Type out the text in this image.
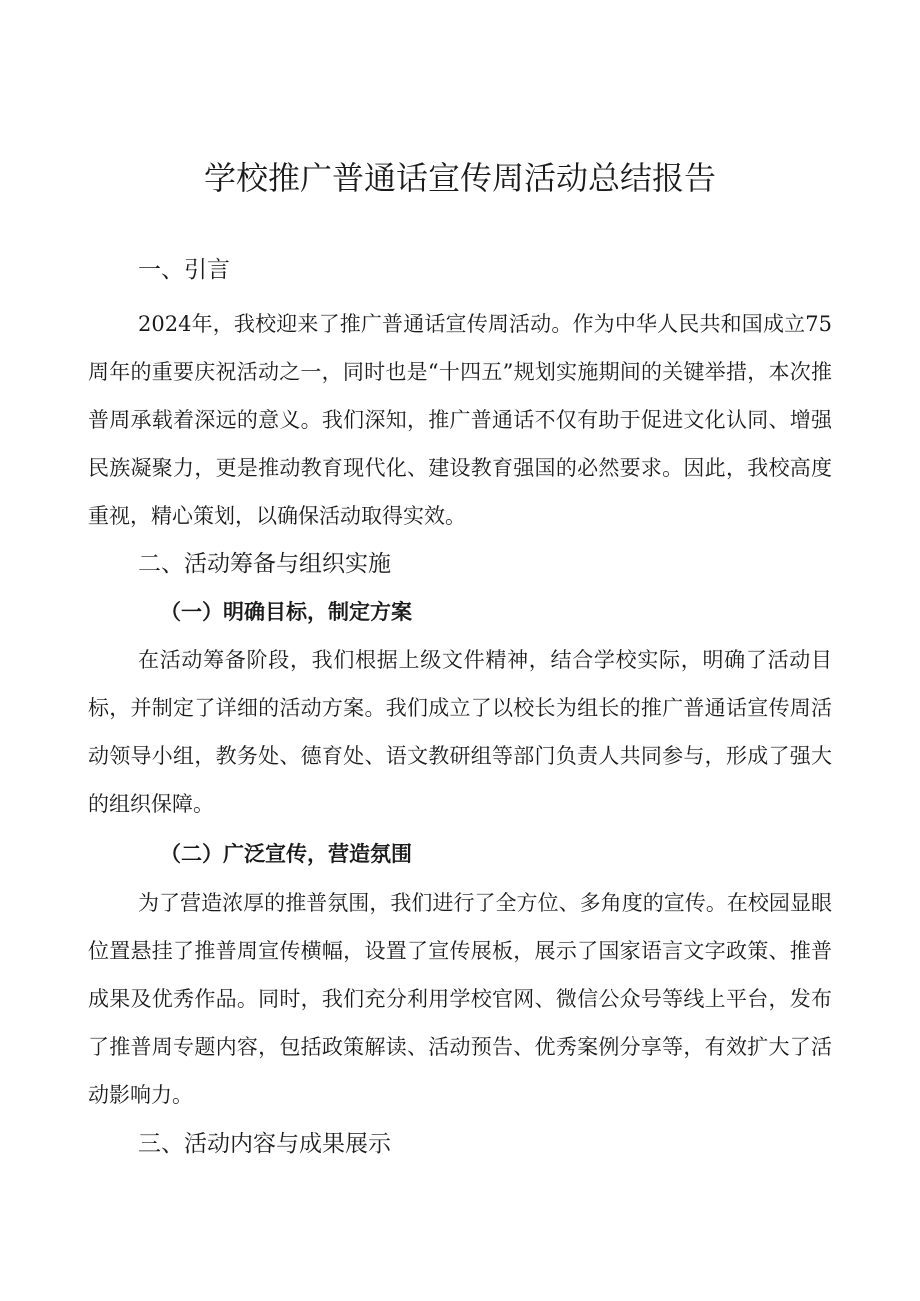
学校推广普通话宣传周活动总结报告
一、引言

2024年，我校迎来了推广普通话宣传周活动。作为中华人民共和国成立75周年的重要庆祝活动之一，同时也是“十四五”规划实施期间的关键举措，本次推普周承载着深远的意义。我们深知，推广普通话不仅有助于促进文化认同、增强民族凝聚力，更是推动教育现代化、建设教育强国的必然要求。因此，我校高度重视，精心策划，以确保活动取得实效。

二、活动筹备与组织实施
（一）明确目标，制定方案

在活动筹备阶段，我们根据上级文件精神，结合学校实际，明确了活动目标，并制定了详细的活动方案。我们成立了以校长为组长的推广普通话宣传周活动领导小组，教务处、德育处、语文教研组等部门负责人共同参与，形成了强大的组织保障。

（二）广泛宣传，营造氛围

为了营造浓厚的推普氛围，我们进行了全方位、多角度的宣传。在校园显眼位置悬挂了推普周宣传横幅，设置了宣传展板，展示了国家语言文字政策、推普成果及优秀作品。同时，我们充分利用学校官网、微信公众号等线上平台，发布了推普周专题内容，包括政策解读、活动预告、优秀案例分享等，有效扩大了活动影响力。

三、活动内容与成果展示
